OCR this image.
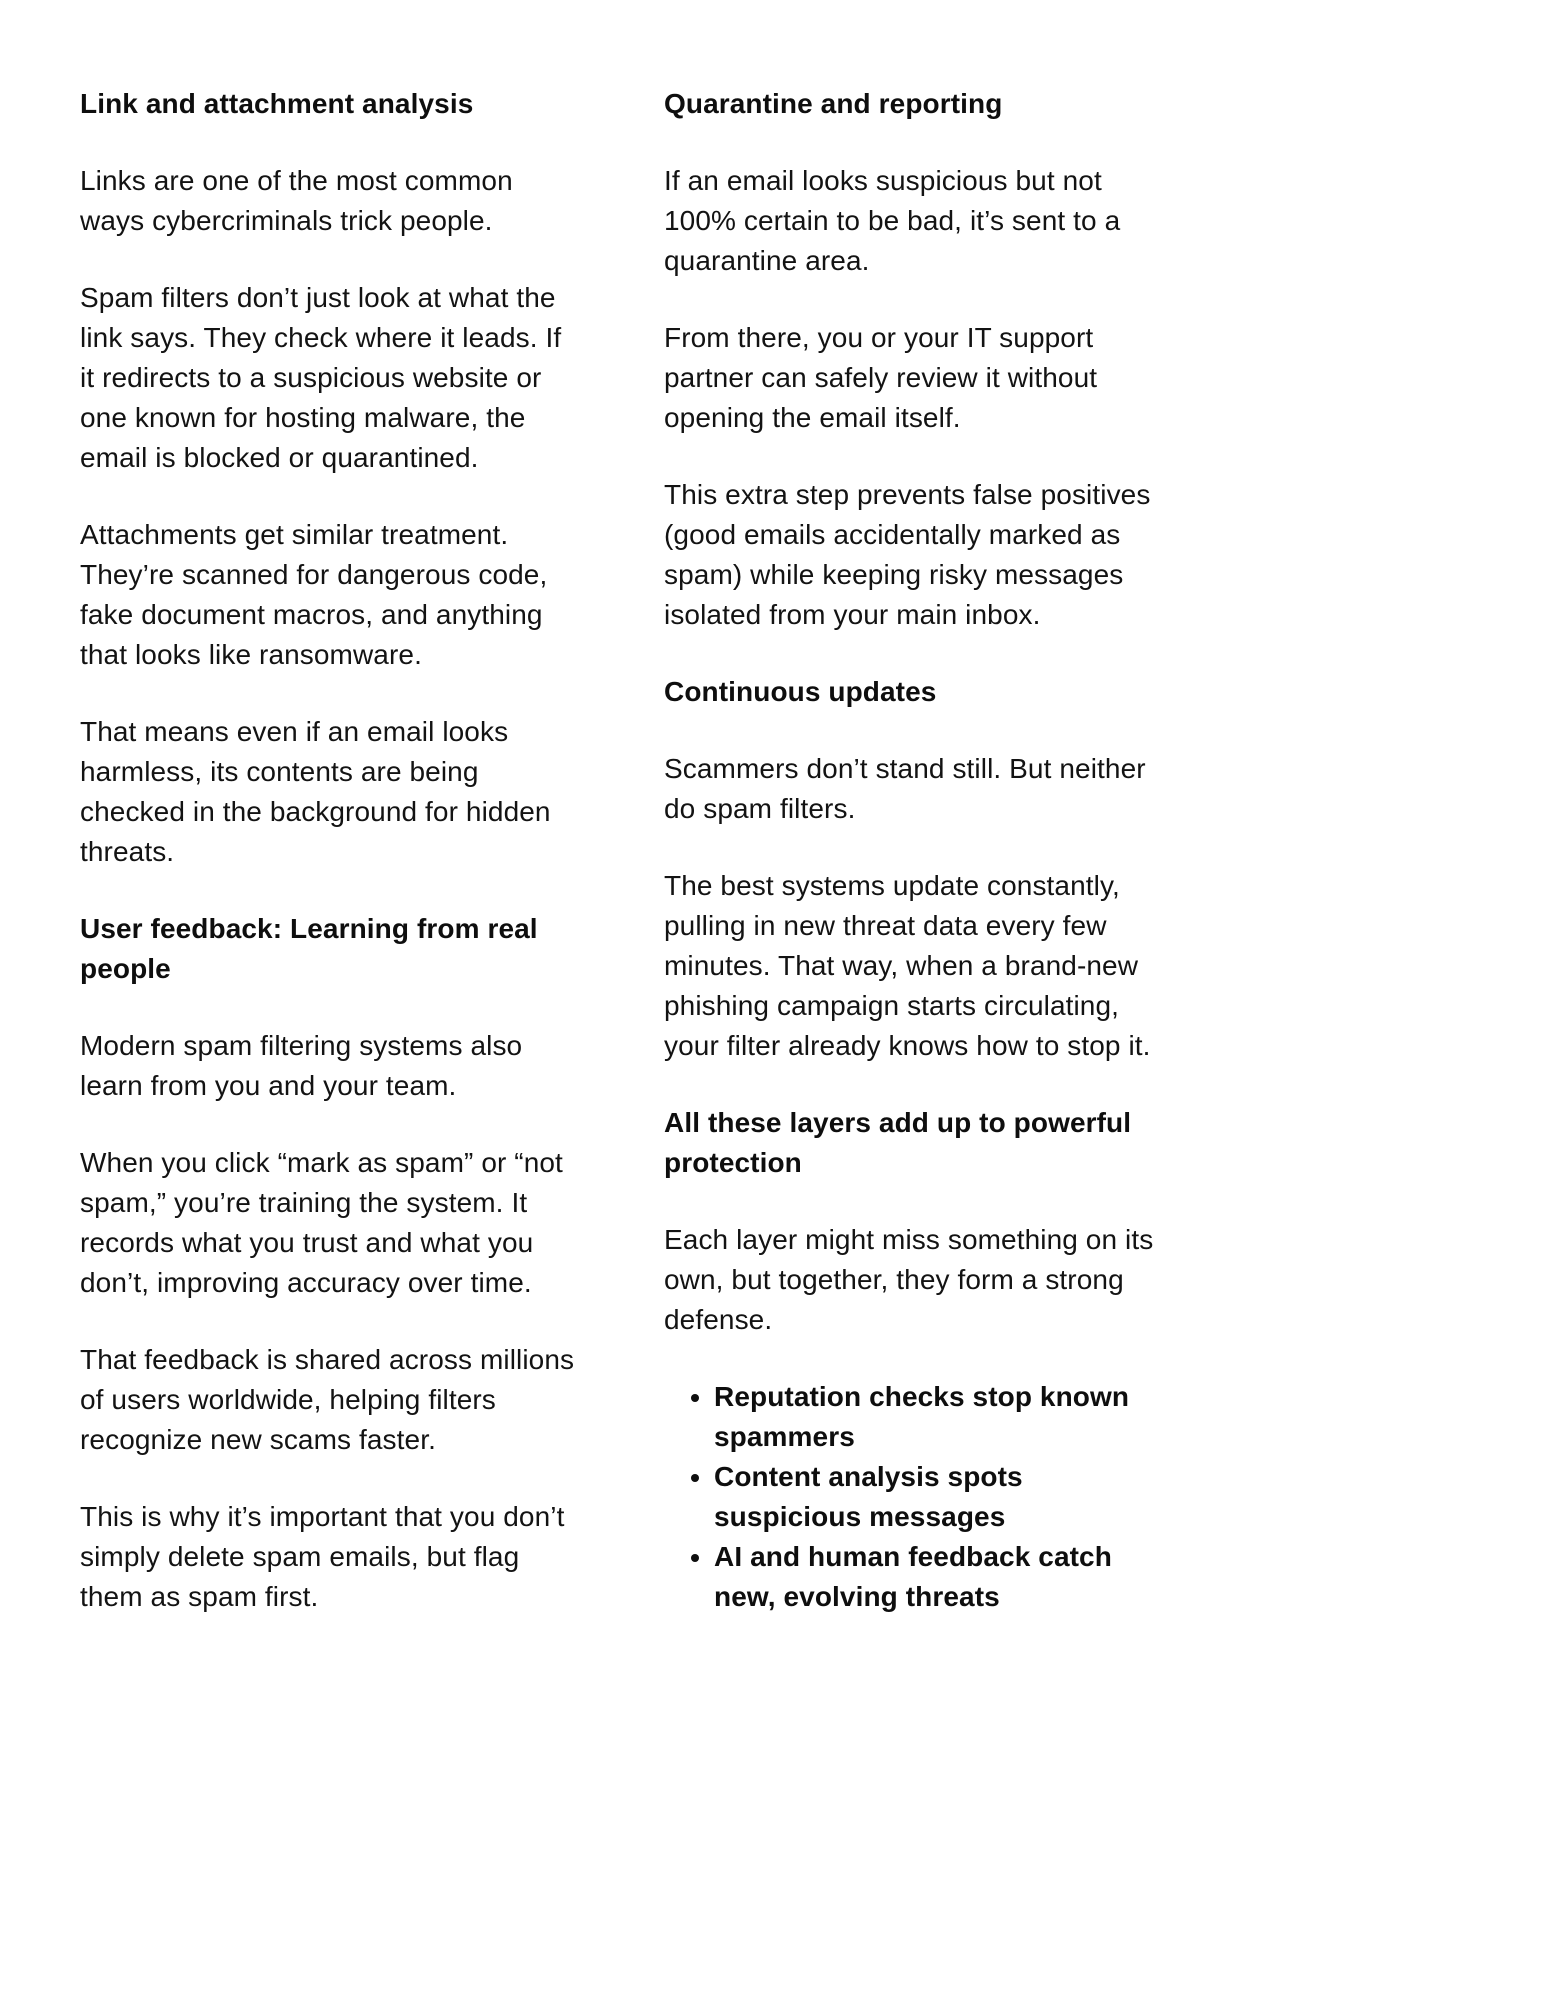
Link and attachment analysis

Links are one of the most common ways cybercriminals trick people.

Spam filters don’t just look at what the link says. They check where it leads. If it redirects to a suspicious website or one known for hosting malware, the email is blocked or quarantined.

Attachments get similar treatment. They’re scanned for dangerous code, fake document macros, and anything that looks like ransomware.

That means even if an email looks harmless, its contents are being checked in the background for hidden threats.

User feedback: Learning from real people

Modern spam filtering systems also learn from you and your team.

When you click “mark as spam” or “not spam,” you’re training the system. It records what you trust and what you don’t, improving accuracy over time.

That feedback is shared across millions of users worldwide, helping filters recognize new scams faster.

This is why it’s important that you don’t simply delete spam emails, but flag them as spam first.

Quarantine and reporting

If an email looks suspicious but not 100% certain to be bad, it’s sent to a quarantine area.

From there, you or your IT support partner can safely review it without opening the email itself.

This extra step prevents false positives (good emails accidentally marked as spam) while keeping risky messages isolated from your main inbox.

Continuous updates

Scammers don’t stand still. But neither do spam filters.

The best systems update constantly, pulling in new threat data every few minutes. That way, when a brand-new phishing campaign starts circulating, your filter already knows how to stop it.

All these layers add up to powerful protection

Each layer might miss something on its own, but together, they form a strong defense.

• Reputation checks stop known spammers
• Content analysis spots suspicious messages
• AI and human feedback catch new, evolving threats
